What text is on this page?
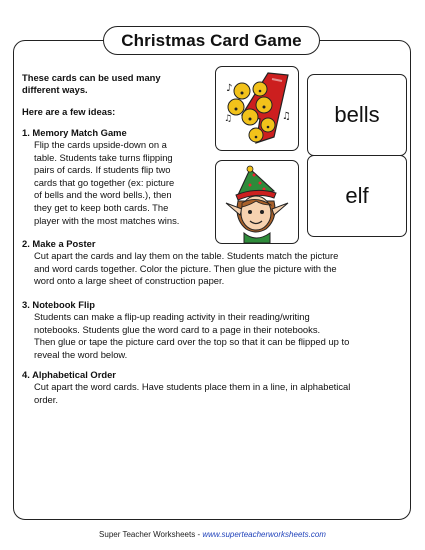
Christmas Card Game
These cards can be used many
different ways.
Here are a few ideas:
1. Memory Match Game
Flip the cards upside-down on a
table. Students take turns flipping
pairs of cards. If students flip two
cards that go together (ex: picture
of bells and the word bells.), then
they get to keep both cards. The
player with the most matches wins.
2. Make a Poster
Cut apart the cards and lay them on the table. Students match the picture
and word cards together. Color the picture. Then glue the picture with the
word onto a large sheet of construction paper.
3. Notebook Flip
Students can make a flip-up reading activity in their reading/writing
notebooks. Students glue the word card to a page in their notebooks.
Then glue or tape the picture card over the top so that it can be flipped up to
reveal the word below.
4. Alphabetical Order
Cut apart the word cards. Have students place them in a line, in alphabetical
order.
♪
♫	♫ bells
elf
Super Teacher Worksheets - www.superteacherworksheets.com
